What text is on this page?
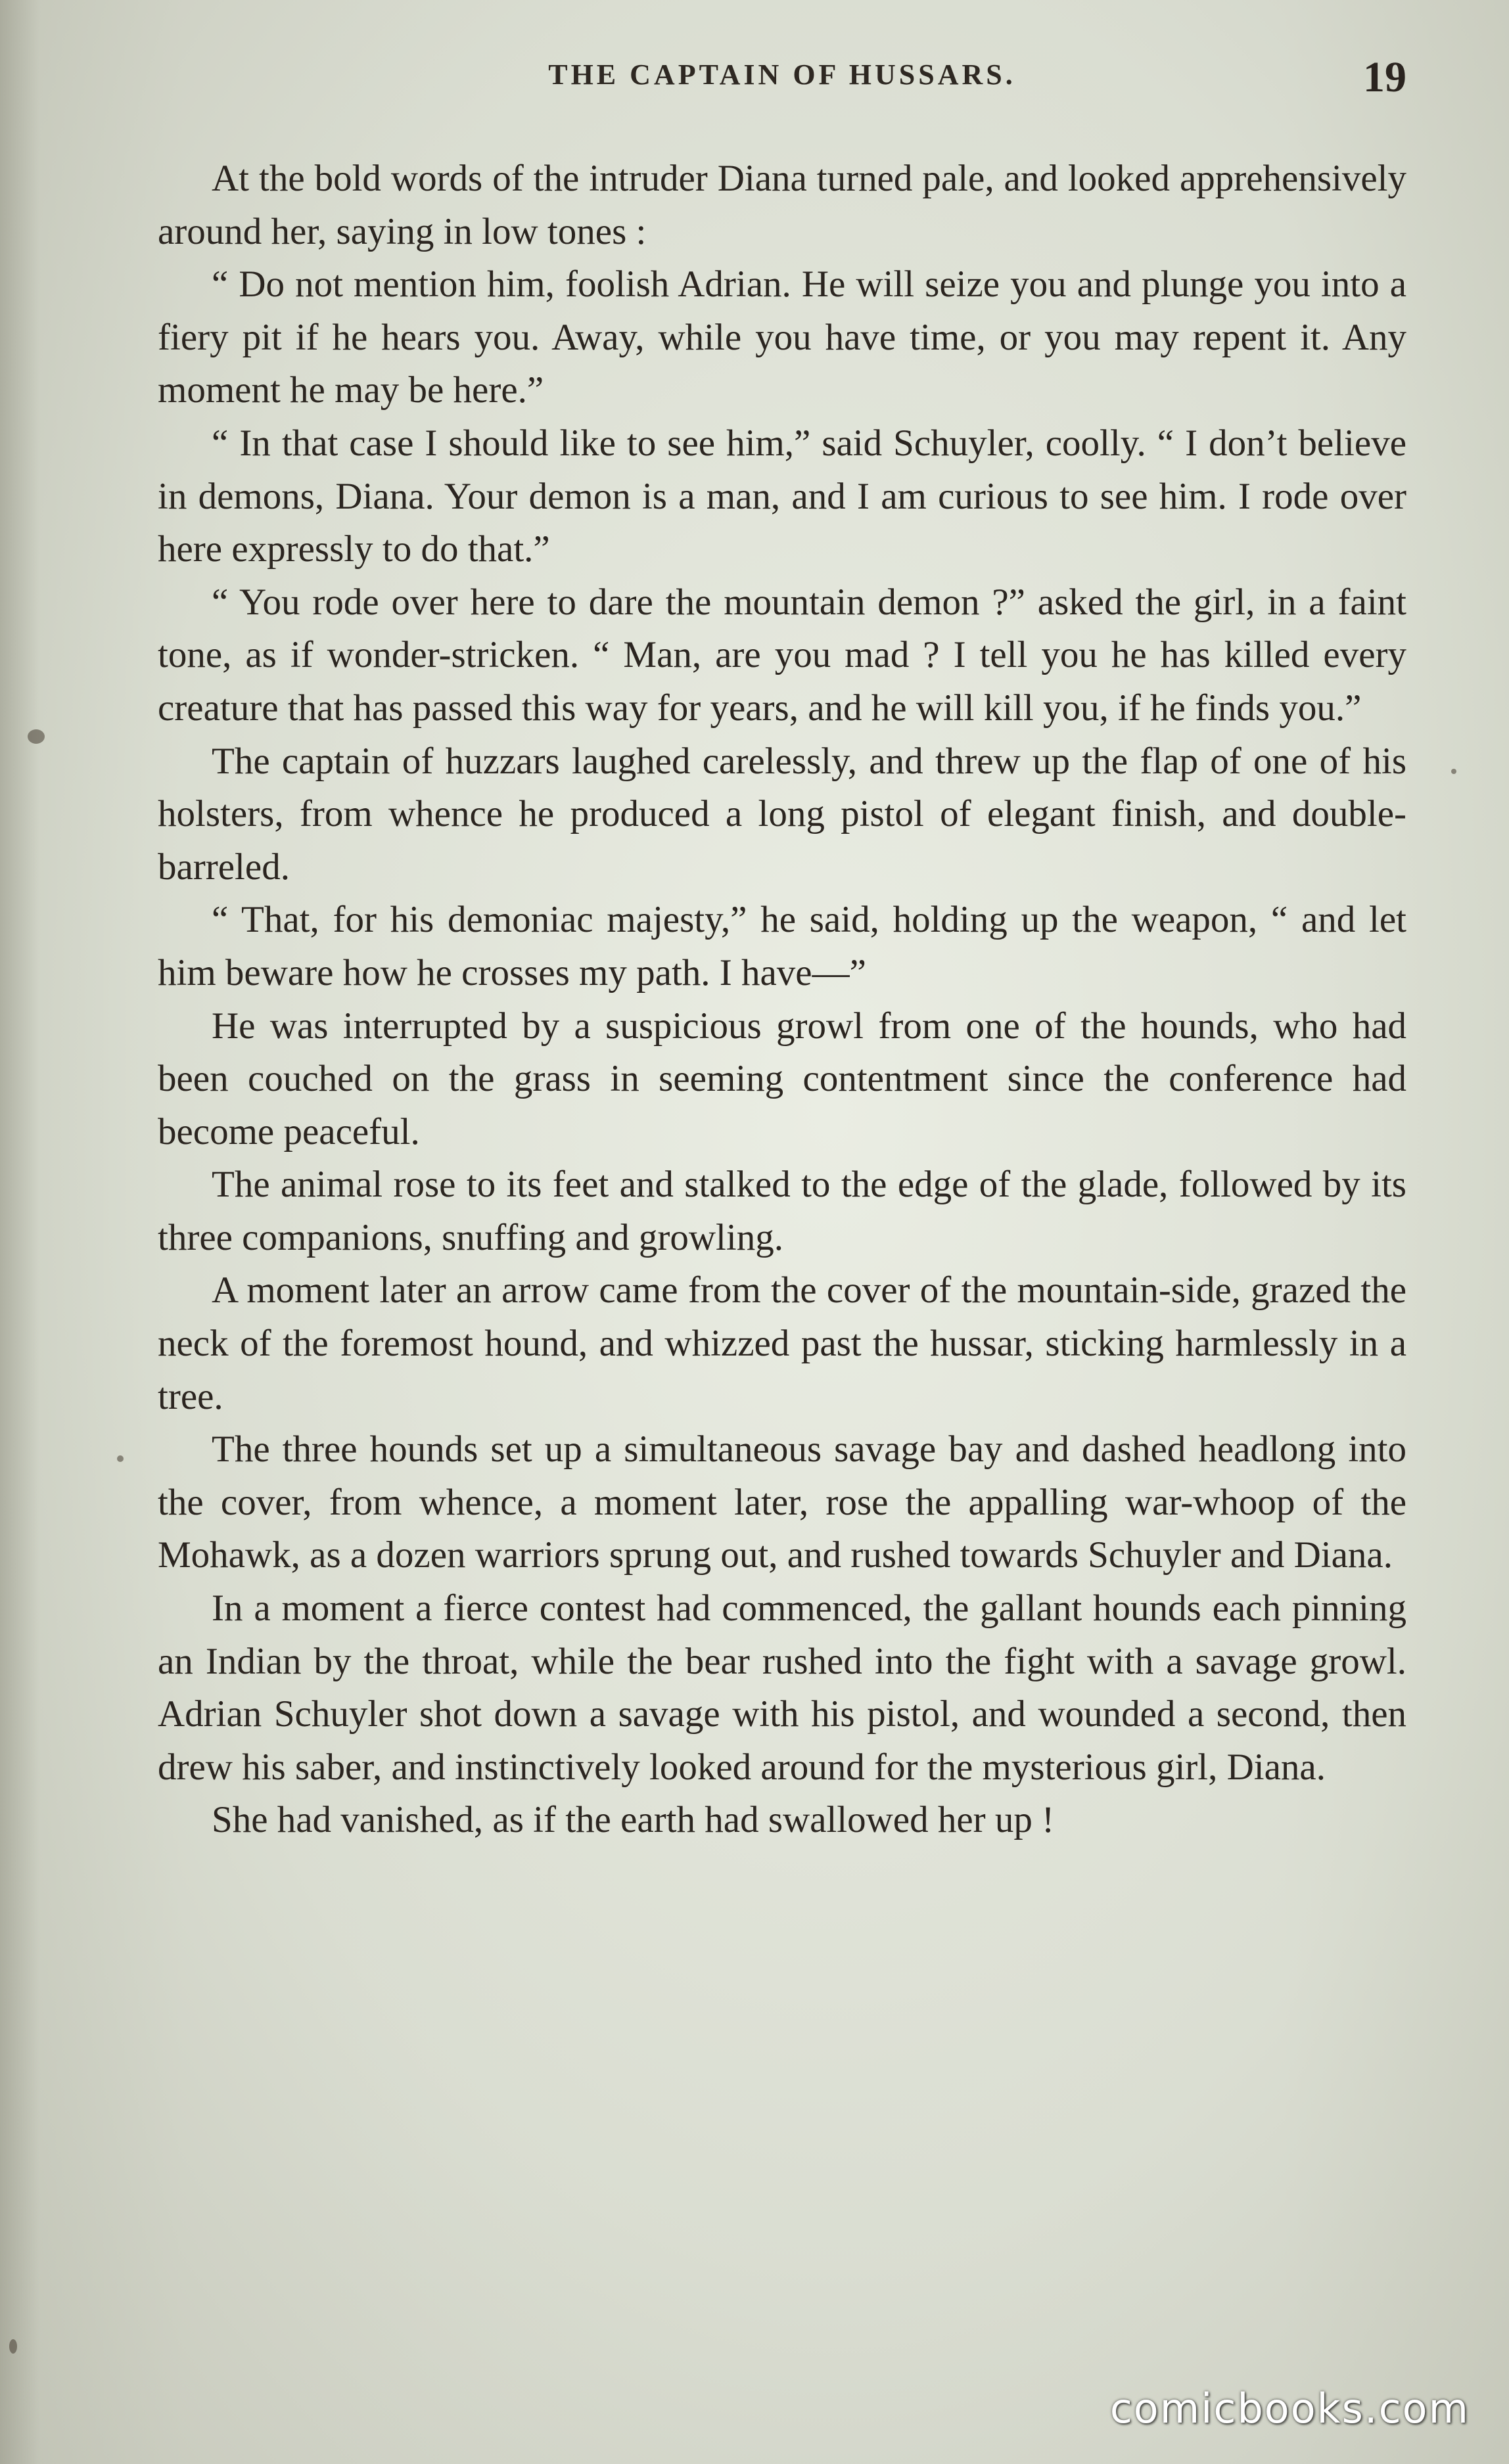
THE CAPTAIN OF HUSSARS.	19

At the bold words of the intruder Diana turned pale, and looked apprehensively around her, saying in low tones :

“ Do not mention him, foolish Adrian. He will seize you and plunge you into a fiery pit if he hears you. Away, while you have time, or you may repent it. Any moment he may be here.”

“ In that case I should like to see him,” said Schuyler, coolly. “ I don’t believe in demons, Diana. Your demon is a man, and I am curious to see him. I rode over here expressly to do that.”

“ You rode over here to dare the mountain demon ?” asked the girl, in a faint tone, as if wonder-stricken. “ Man, are you mad ? I tell you he has killed every creature that has passed this way for years, and he will kill you, if he finds you.”

The captain of huzzars laughed carelessly, and threw up the flap of one of his holsters, from whence he produced a long pistol of elegant finish, and double-barreled.

“ That, for his demoniac majesty,” he said, holding up the weapon, “ and let him beware how he crosses my path. I have—”

He was interrupted by a suspicious growl from one of the hounds, who had been couched on the grass in seeming contentment since the conference had become peaceful.

The animal rose to its feet and stalked to the edge of the glade, followed by its three companions, snuffing and growling.

A moment later an arrow came from the cover of the mountain-side, grazed the neck of the foremost hound, and whizzed past the hussar, sticking harmlessly in a tree.

The three hounds set up a simultaneous savage bay and dashed headlong into the cover, from whence, a moment later, rose the appalling war-whoop of the Mohawk, as a dozen warriors sprung out, and rushed towards Schuyler and Diana.

In a moment a fierce contest had commenced, the gallant hounds each pinning an Indian by the throat, while the bear rushed into the fight with a savage growl. Adrian Schuyler shot down a savage with his pistol, and wounded a second, then drew his saber, and instinctively looked around for the mysterious girl, Diana.

She had vanished, as if the earth had swallowed her up !

comicbooks.com
